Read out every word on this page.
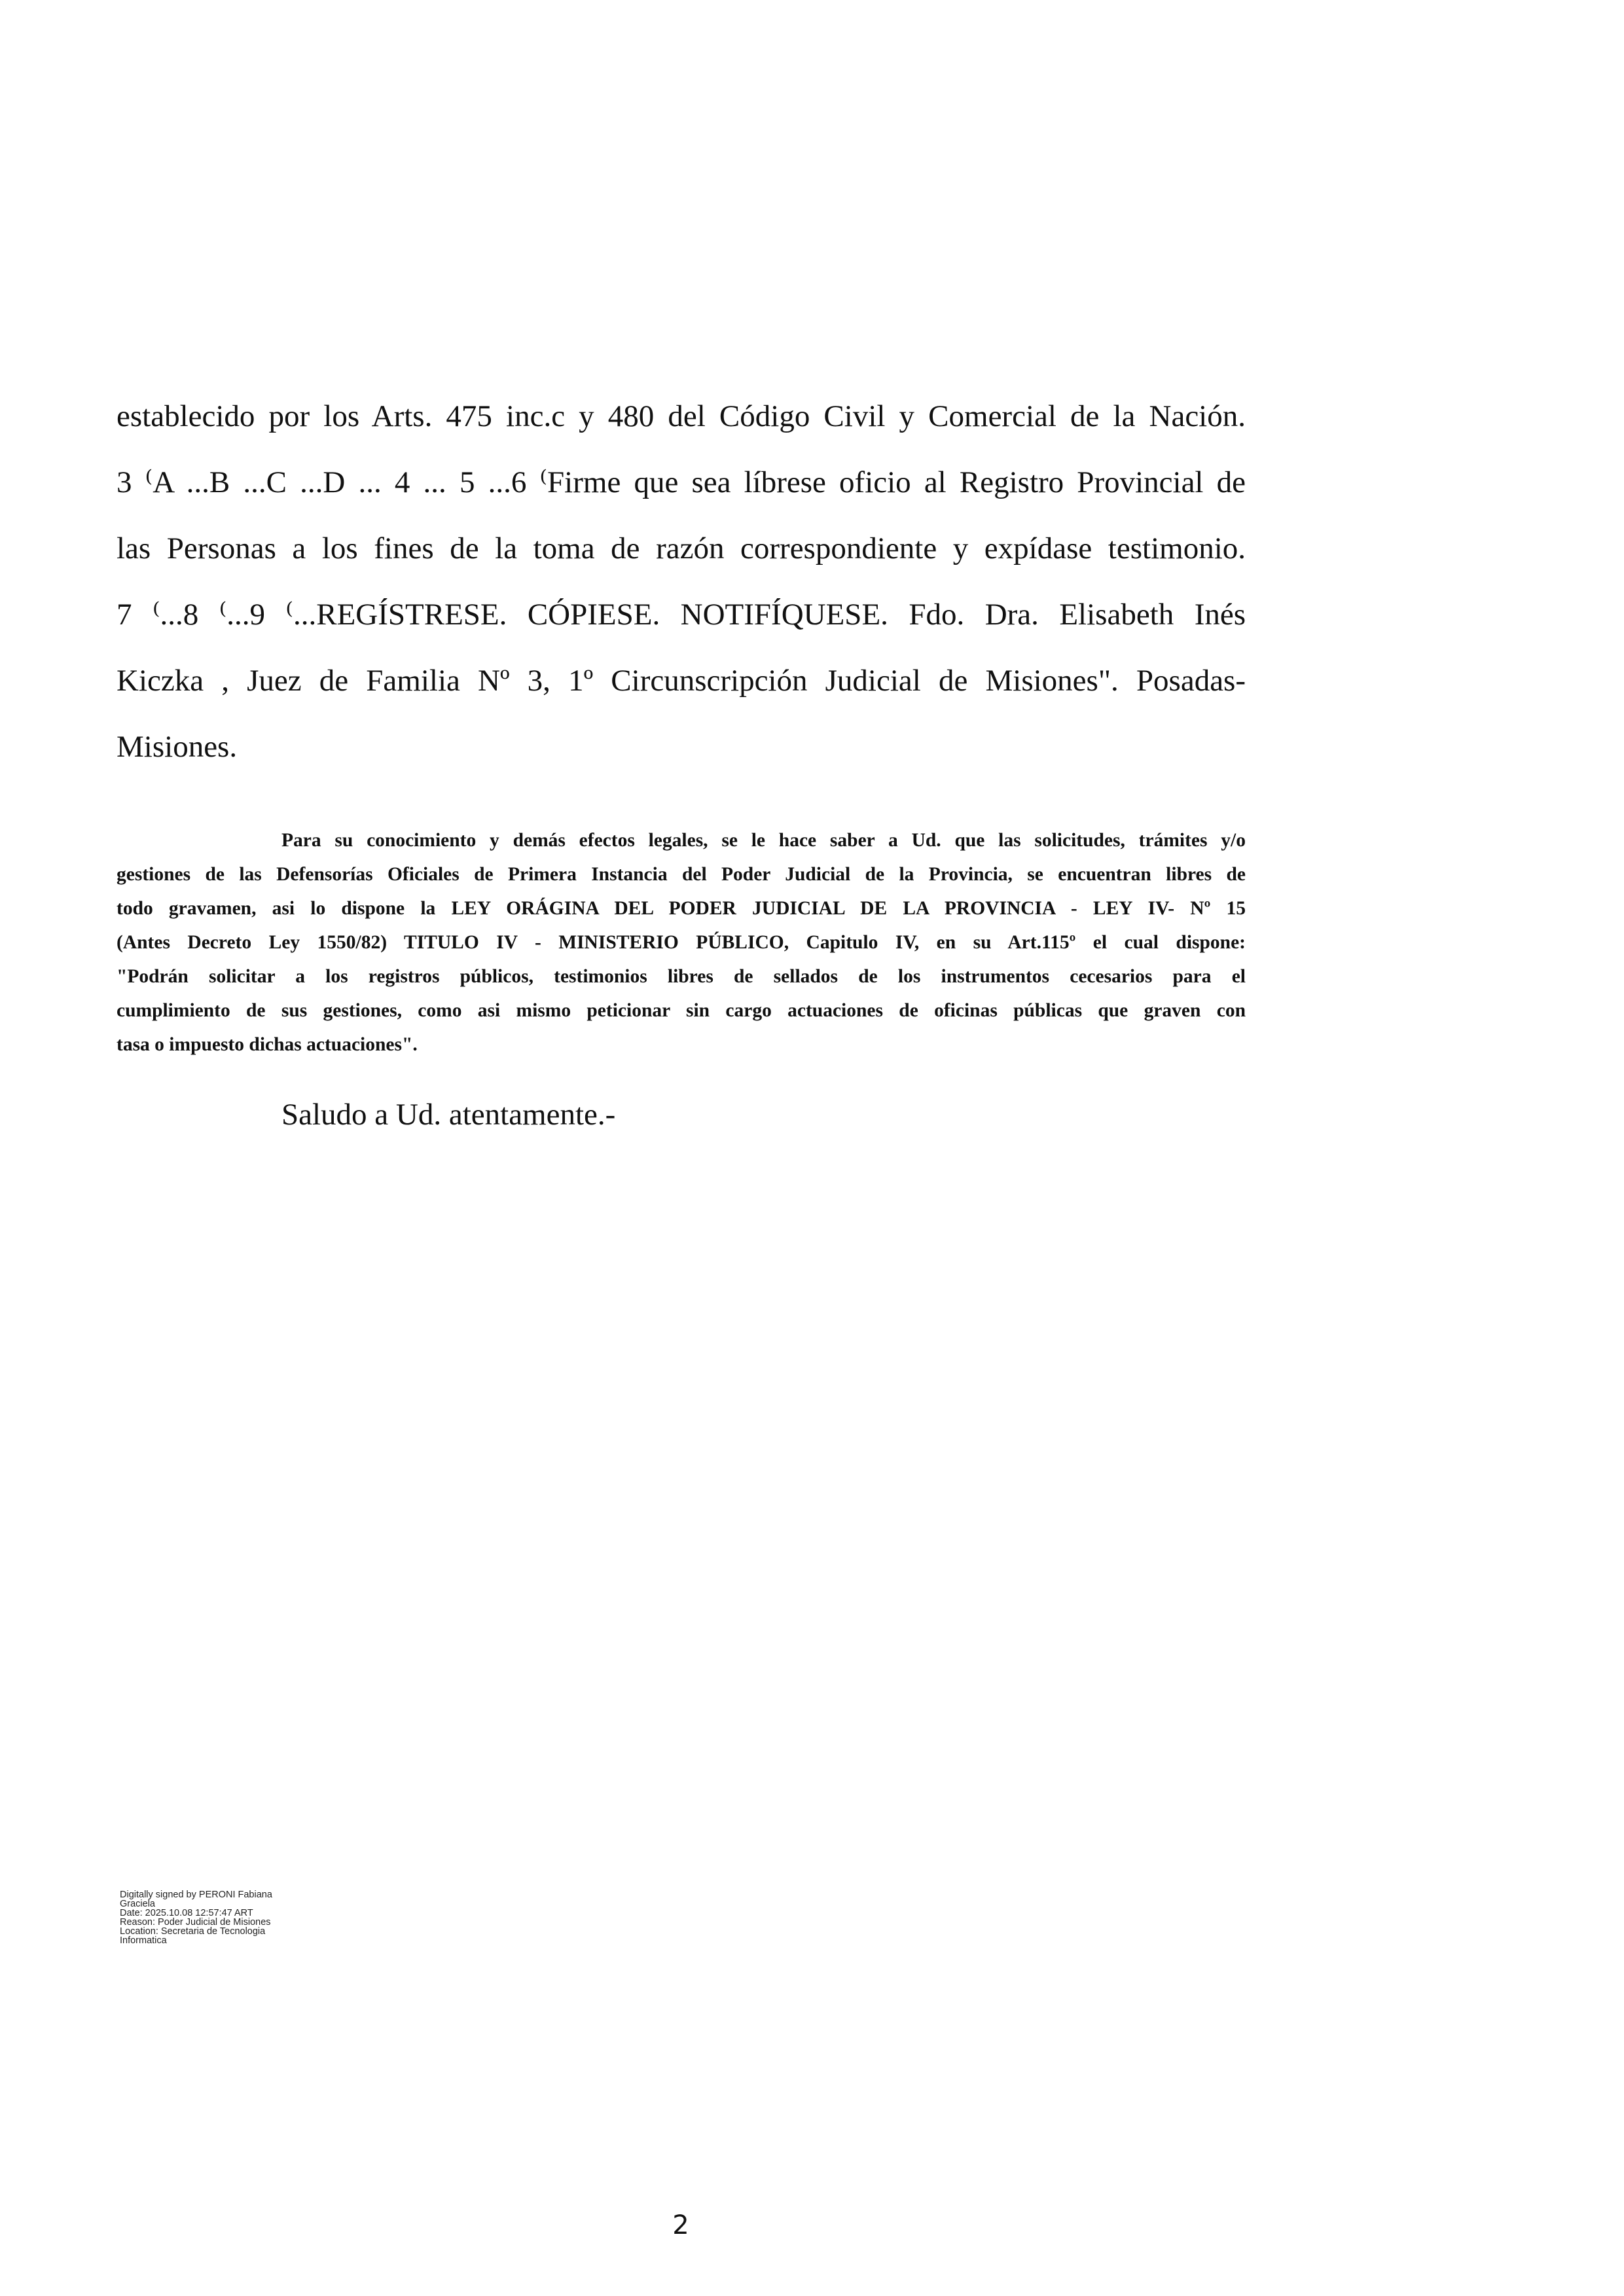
establecido por los Arts. 475 inc.c y 480 del Código Civil y Comercial de la Nación.
3 ⁽A ...B ...C ...D ... 4 ... 5 ...6 ⁽Firme que sea líbrese oficio al Registro Provincial de
las Personas a los fines de la toma de razón correspondiente y expídase testimonio.
7 ⁽...8 ⁽...9 ⁽...REGÍSTRESE. CÓPIESE. NOTIFÍQUESE. Fdo. Dra. Elisabeth Inés
Kiczka , Juez de Familia Nº 3, 1º Circunscripción Judicial de Misiones". Posadas-
Misiones.
Para su conocimiento y demás efectos legales, se le hace saber a Ud. que las solicitudes, trámites y/o
gestiones de las Defensorías Oficiales de Primera Instancia del Poder Judicial de la Provincia, se encuentran libres de
todo gravamen, asi lo dispone la LEY ORÁGINA DEL PODER JUDICIAL DE LA PROVINCIA - LEY IV- Nº 15
(Antes Decreto Ley 1550/82) TITULO IV - MINISTERIO PÚBLICO, Capitulo IV, en su Art.115º el cual dispone:
"Podrán solicitar a los registros públicos, testimonios libres de sellados de los instrumentos cecesarios para el
cumplimiento de sus gestiones, como asi mismo peticionar sin cargo actuaciones de oficinas públicas que graven con
tasa o impuesto dichas actuaciones".

Saludo a Ud. atentamente.-

Digitally signed by PERONI Fabiana
Graciela
Date: 2025.10.08 12:57:47 ART
Reason: Poder Judicial de Misiones
Location: Secretaria de Tecnologia
Informatica
2
